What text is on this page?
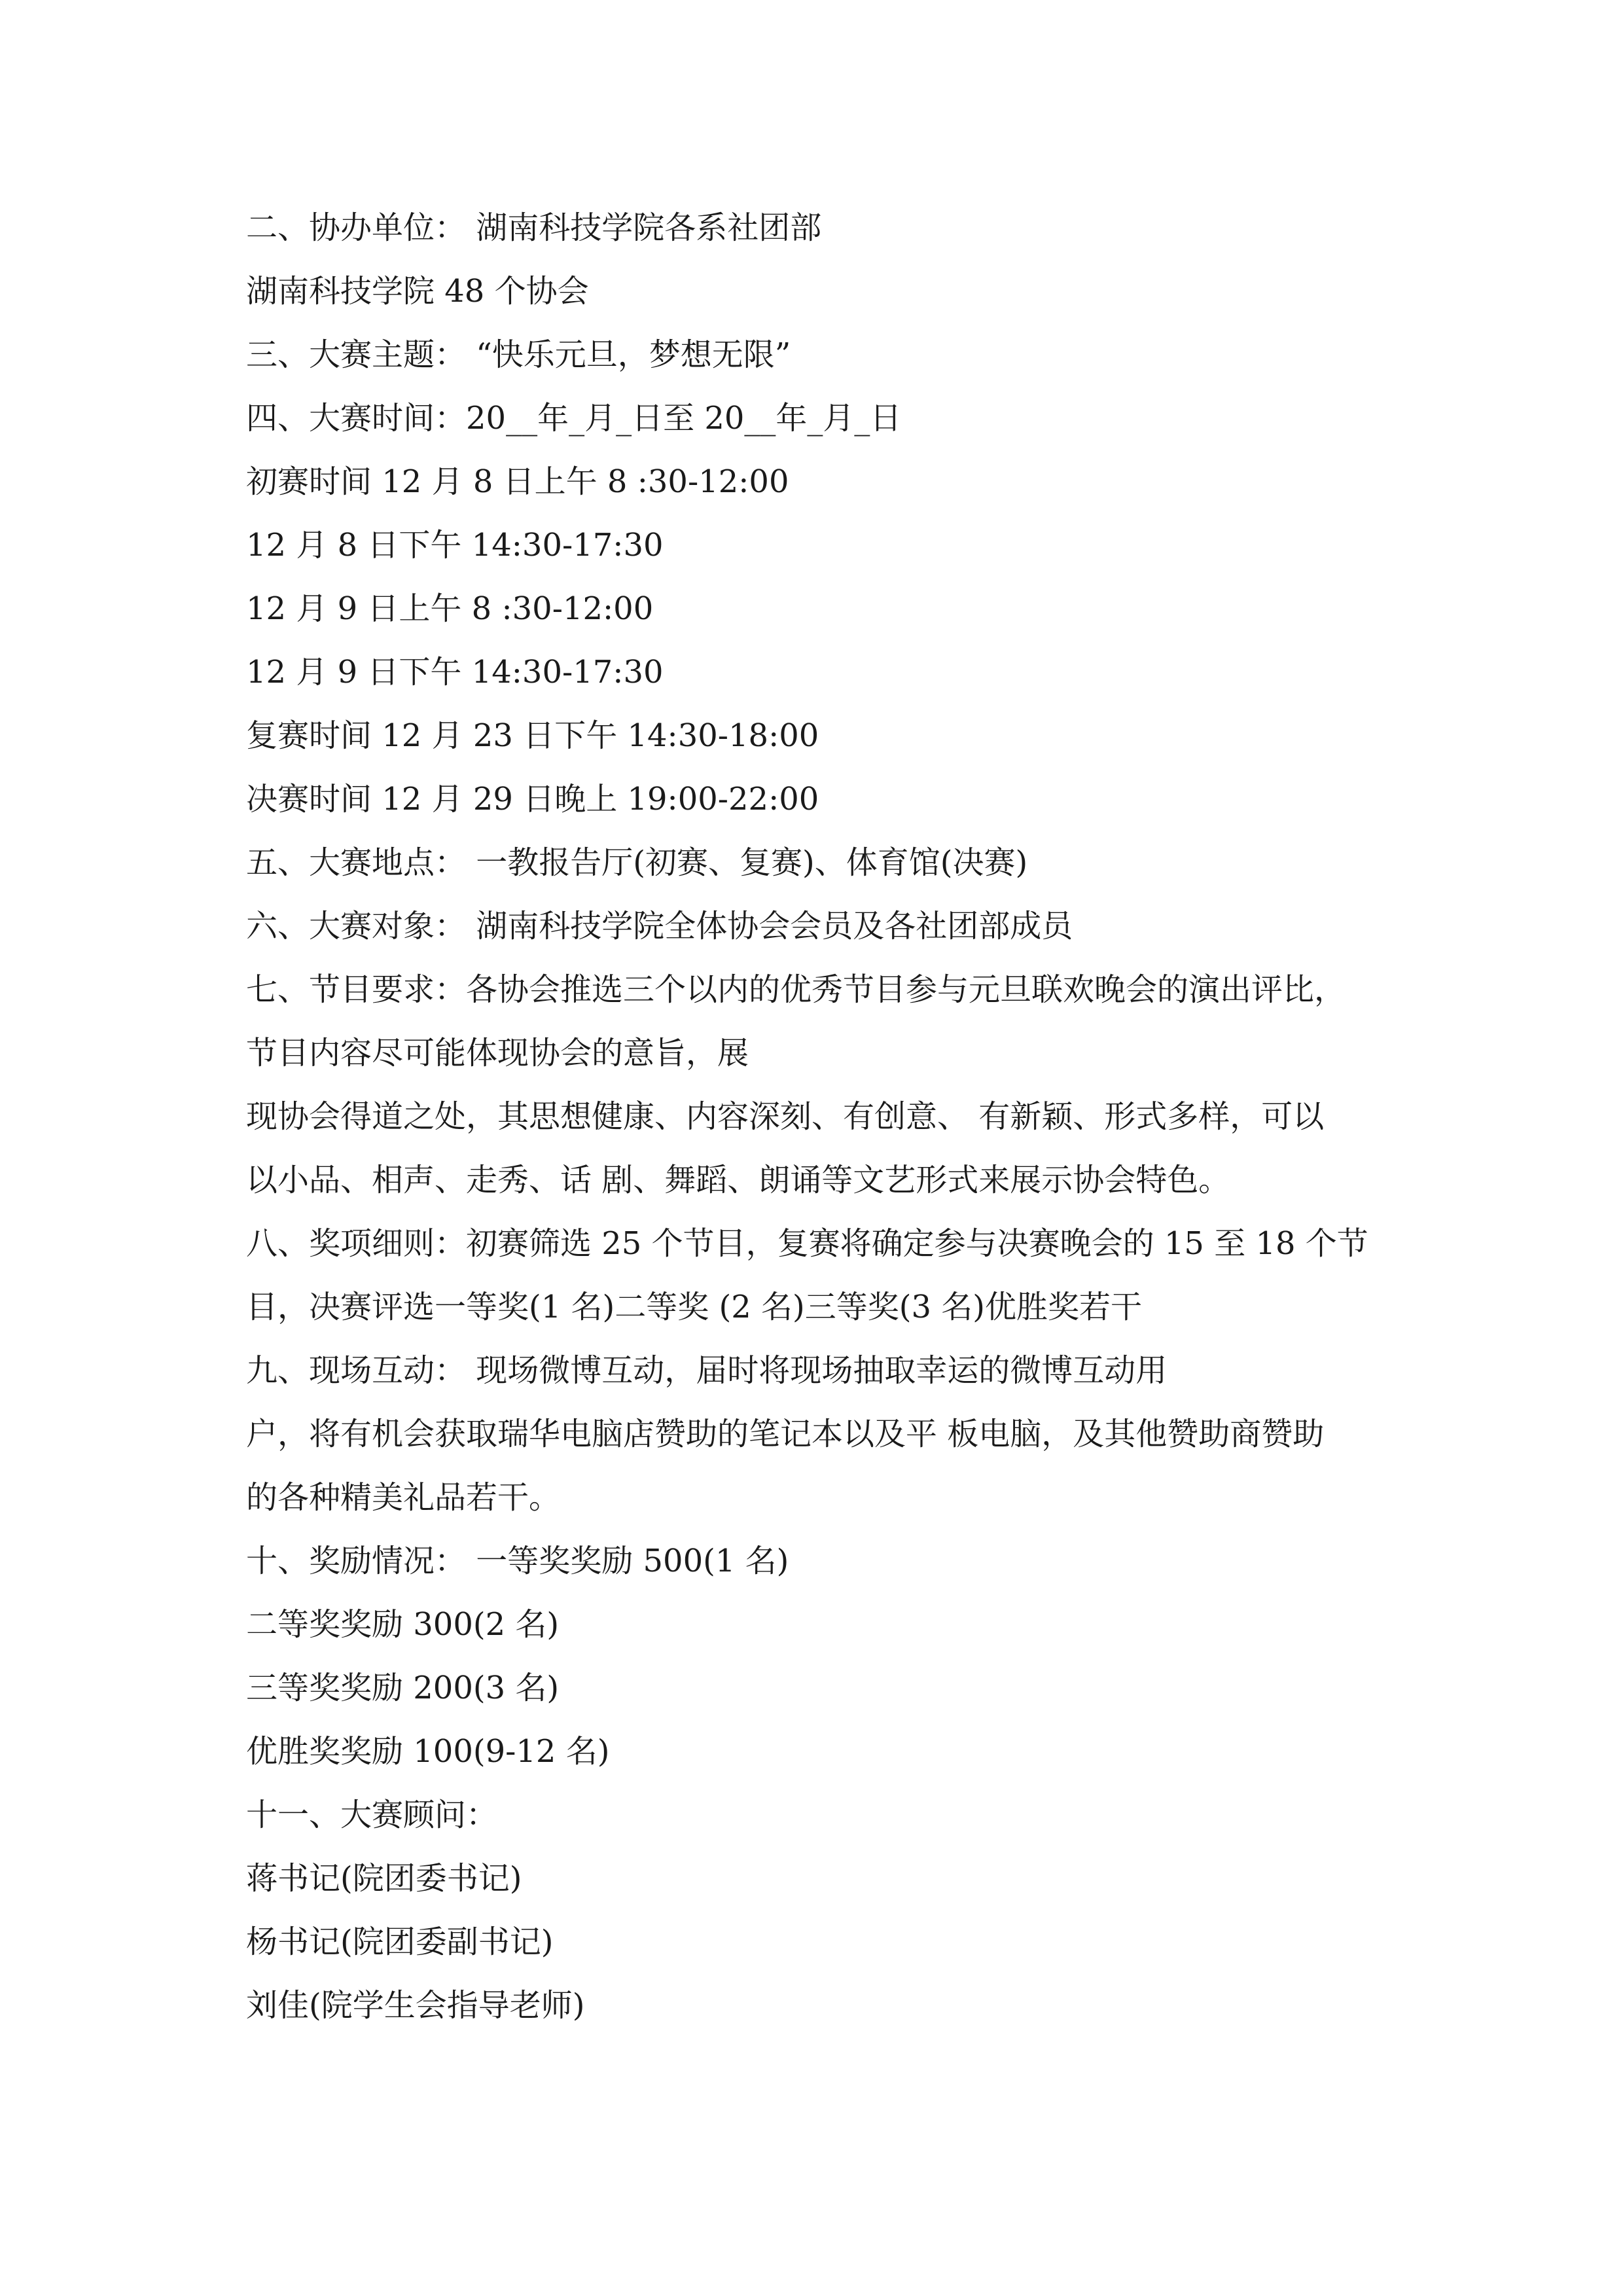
二、协办单位： 湖南科技学院各系社团部

湖南科技学院 48 个协会

三、大赛主题： “快乐元旦，梦想无限”

四、大赛时间：20__年_月_日至 20__年_月_日

初赛时间 12 月 8 日上午 8 :30-12:00

12 月 8 日下午 14:30-17:30

12 月 9 日上午 8 :30-12:00

12 月 9 日下午 14:30-17:30

复赛时间 12 月 23 日下午 14:30-18:00

决赛时间 12 月 29 日晚上 19:00-22:00

五、大赛地点： 一教报告厅(初赛、复赛)、体育馆(决赛)

六、大赛对象： 湖南科技学院全体协会会员及各社团部成员

七、节目要求：各协会推选三个以内的优秀节目参与元旦联欢晚会的演出评比，

节目内容尽可能体现协会的意旨，展

现协会得道之处，其思想健康、内容深刻、有创意、 有新颖、形式多样，可以

以小品、相声、走秀、话 剧、舞蹈、朗诵等文艺形式来展示协会特色。

八、奖项细则：初赛筛选 25 个节目，复赛将确定参与决赛晚会的 15 至 18 个节

目，决赛评选一等奖(1 名)二等奖 (2 名)三等奖(3 名)优胜奖若干

九、现场互动： 现场微博互动，届时将现场抽取幸运的微博互动用

户，将有机会获取瑞华电脑店赞助的笔记本以及平 板电脑，及其他赞助商赞助

的各种精美礼品若干。

十、奖励情况： 一等奖奖励 500(1 名)

二等奖奖励 300(2 名)

三等奖奖励 200(3 名)

优胜奖奖励 100(9-12 名)

十一、大赛顾问：

蒋书记(院团委书记)

杨书记(院团委副书记)

刘佳(院学生会指导老师)
